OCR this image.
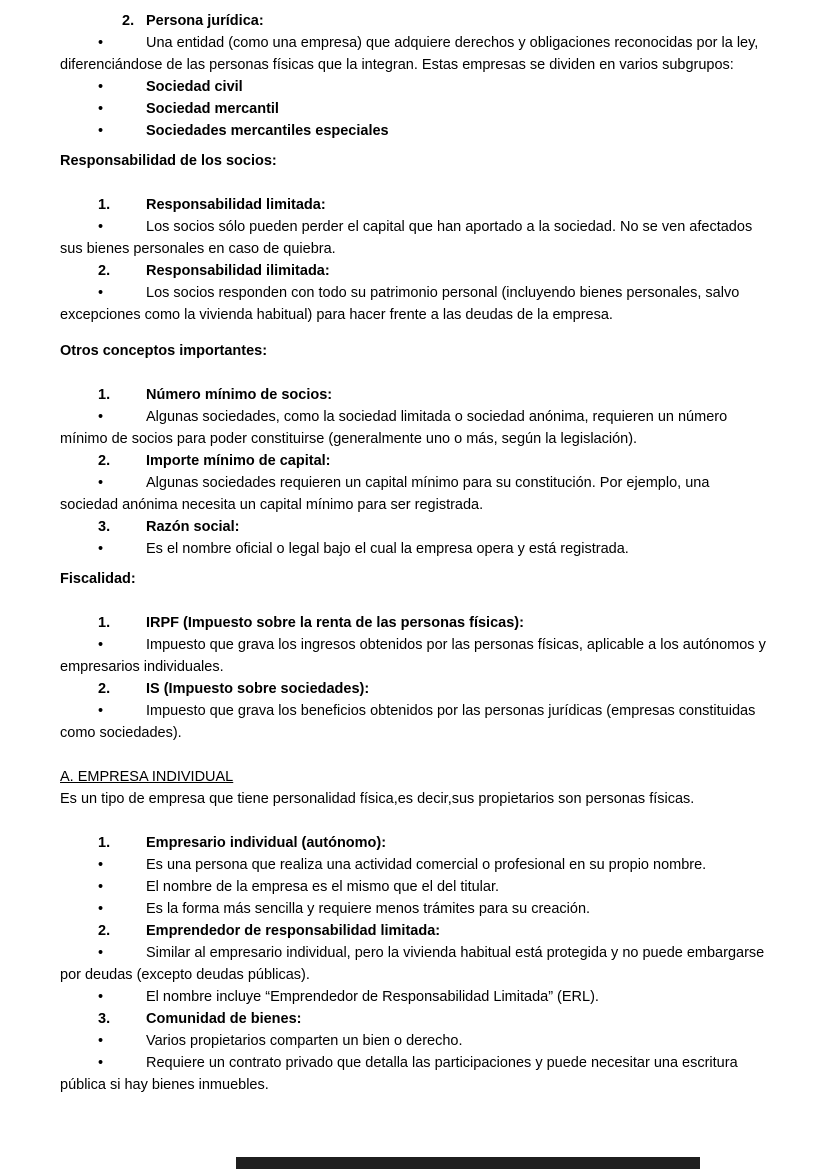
2. Persona jurídica:

•	Una entidad (como una empresa) que adquiere derechos y obligaciones reconocidas por la ley, diferenciándose de las personas físicas que la integran. Estas empresas se dividen en varios subgrupos:

•	Sociedad civil

•	Sociedad mercantil

•	Sociedades mercantiles especiales

Responsabilidad de los socios:

1. Responsabilidad limitada:

•	Los socios sólo pueden perder el capital que han aportado a la sociedad. No se ven afectados sus bienes personales en caso de quiebra.

2. Responsabilidad ilimitada:

•	Los socios responden con todo su patrimonio personal (incluyendo bienes personales, salvo excepciones como la vivienda habitual) para hacer frente a las deudas de la empresa.

Otros conceptos importantes:

1. Número mínimo de socios:

•	Algunas sociedades, como la sociedad limitada o sociedad anónima, requieren un número mínimo de socios para poder constituirse (generalmente uno o más, según la legislación).

2. Importe mínimo de capital:

•	Algunas sociedades requieren un capital mínimo para su constitución. Por ejemplo, una sociedad anónima necesita un capital mínimo para ser registrada.

3. Razón social:

•	Es el nombre oficial o legal bajo el cual la empresa opera y está registrada.

Fiscalidad:

1. IRPF (Impuesto sobre la renta de las personas físicas):

•	Impuesto que grava los ingresos obtenidos por las personas físicas, aplicable a los autónomos y empresarios individuales.

2. IS (Impuesto sobre sociedades):

•	Impuesto que grava los beneficios obtenidos por las personas jurídicas (empresas constituidas como sociedades).

A. EMPRESA INDIVIDUAL

Es un tipo de empresa que tiene personalidad física,es decir,sus propietarios son personas físicas.

1. Empresario individual (autónomo):

•	Es una persona que realiza una actividad comercial o profesional en su propio nombre.

•	El nombre de la empresa es el mismo que el del titular.

•	Es la forma más sencilla y requiere menos trámites para su creación.

2. Emprendedor de responsabilidad limitada:

•	Similar al empresario individual, pero la vivienda habitual está protegida y no puede embargarse por deudas (excepto deudas públicas).

•	El nombre incluye “Emprendedor de Responsabilidad Limitada” (ERL).

3. Comunidad de bienes:

•	Varios propietarios comparten un bien o derecho.

•	Requiere un contrato privado que detalla las participaciones y puede necesitar una escritura pública si hay bienes inmuebles.
